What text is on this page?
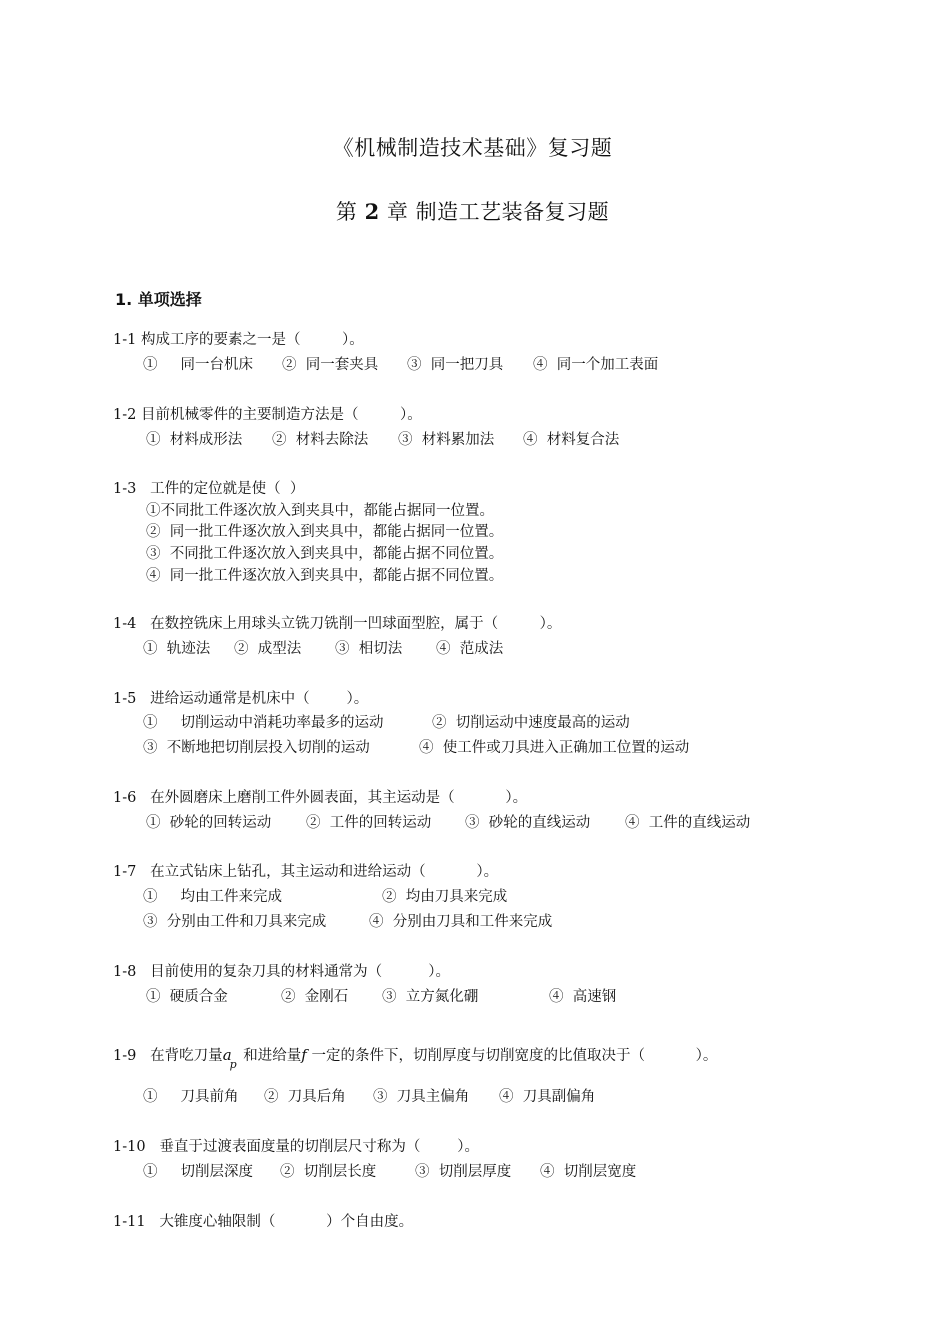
《机械制造技术基础》复习题
第 2 章 制造工艺装备复习题
1. 单项选择
1-1 构成工序的要素之一是（         ）。
①     同一台机床 ②  同一套夹具 ③  同一把刀具 ④  同一个加工表面
1-2 目前机械零件的主要制造方法是（         ）。
①  材料成形法 ②  材料去除法 ③  材料累加法 ④  材料复合法
1-3   工件的定位就是使（  ）
①不同批工件逐次放入到夹具中，都能占据同一位置。
②  同一批工件逐次放入到夹具中，都能占据同一位置。
③  不同批工件逐次放入到夹具中，都能占据不同位置。
④  同一批工件逐次放入到夹具中，都能占据不同位置。
1-4   在数控铣床上用球头立铣刀铣削一凹球面型腔，属于（         ）。
①  轨迹法 ②  成型法 ③  相切法 ④  范成法
1-5   进给运动通常是机床中（        ）。
①     切削运动中消耗功率最多的运动	②  切削运动中速度最高的运动
③  不断地把切削层投入切削的运动	④  使工件或刀具进入正确加工位置的运动
1-6   在外圆磨床上磨削工件外圆表面，其主运动是（           ）。
①  砂轮的回转运动 ②  工件的回转运动 ③  砂轮的直线运动 ④  工件的直线运动
1-7   在立式钻床上钻孔，其主运动和进给运动（           ）。
①     均由工件来完成	②  均由刀具来完成
③  分别由工件和刀具来完成	④  分别由刀具和工件来完成
1-8   目前使用的复杂刀具的材料通常为（          ）。
①  硬质合金	②  金刚石 ③  立方氮化硼	④  高速钢
1-9   在背吃刀量$a_p$ 和进给量f 一定的条件下，切削厚度与切削宽度的比值取决于（           ）。
①     刀具前角 ②  刀具后角 ③  刀具主偏角 ④  刀具副偏角
1-10   垂直于过渡表面度量的切削层尺寸称为（        ）。
①     切削层深度 ②  切削层长度	③  切削层厚度 ④  切削层宽度
1-11   大锥度心轴限制（           ）个自由度。
